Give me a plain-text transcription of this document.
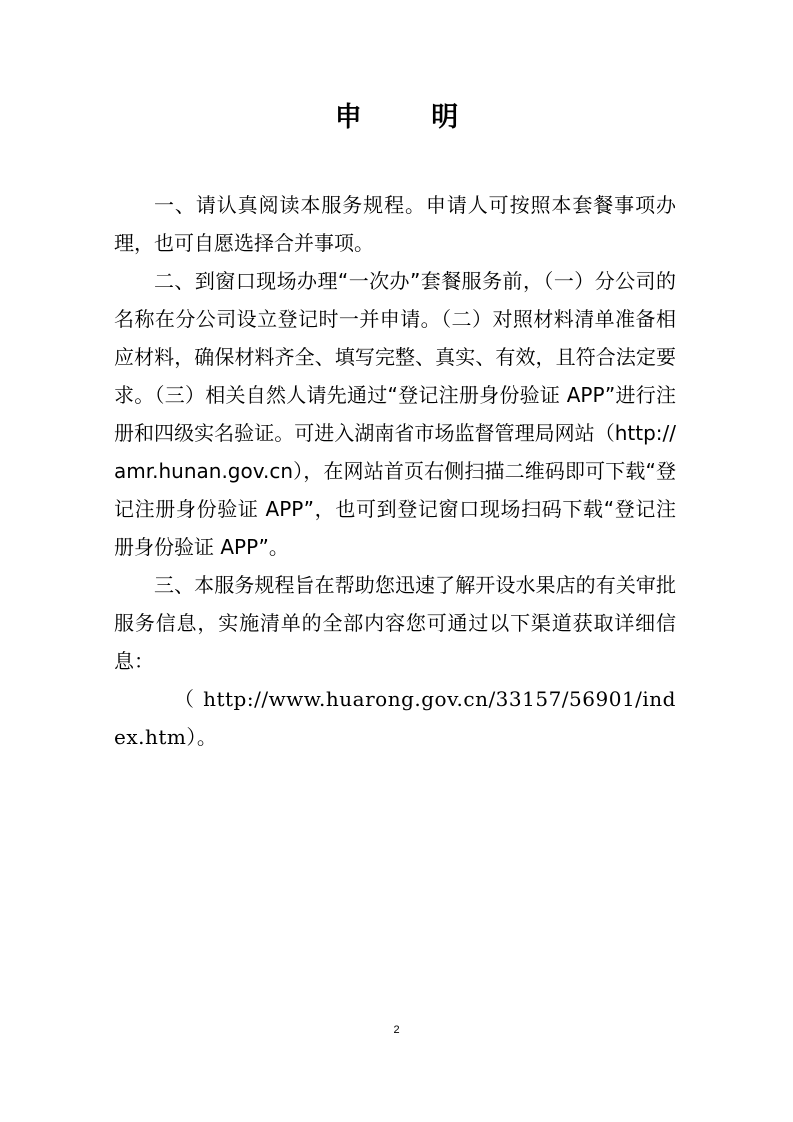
申 明

一、请认真阅读本服务规程。申请人可按照本套餐事项办理，也可自愿选择合并事项。

二、到窗口现场办理“一次办”套餐服务前，（一）分公司的名称在分公司设立登记时一并申请。（二）对照材料清单准备相应材料，确保材料齐全、填写完整、真实、有效，且符合法定要求。（三）相关自然人请先通过“登记注册身份验证 APP”进行注册和四级实名验证。可进入湖南省市场监督管理局网站（http://amr.hunan.gov.cn），在网站首页右侧扫描二维码即可下载“登记注册身份验证 APP”，也可到登记窗口现场扫码下载“登记注册身份验证 APP”。

三、本服务规程旨在帮助您迅速了解开设水果店的有关审批服务信息，实施清单的全部内容您可通过以下渠道获取详细信息：

（http://www.huarong.gov.cn/33157/56901/index.htm）。

2
